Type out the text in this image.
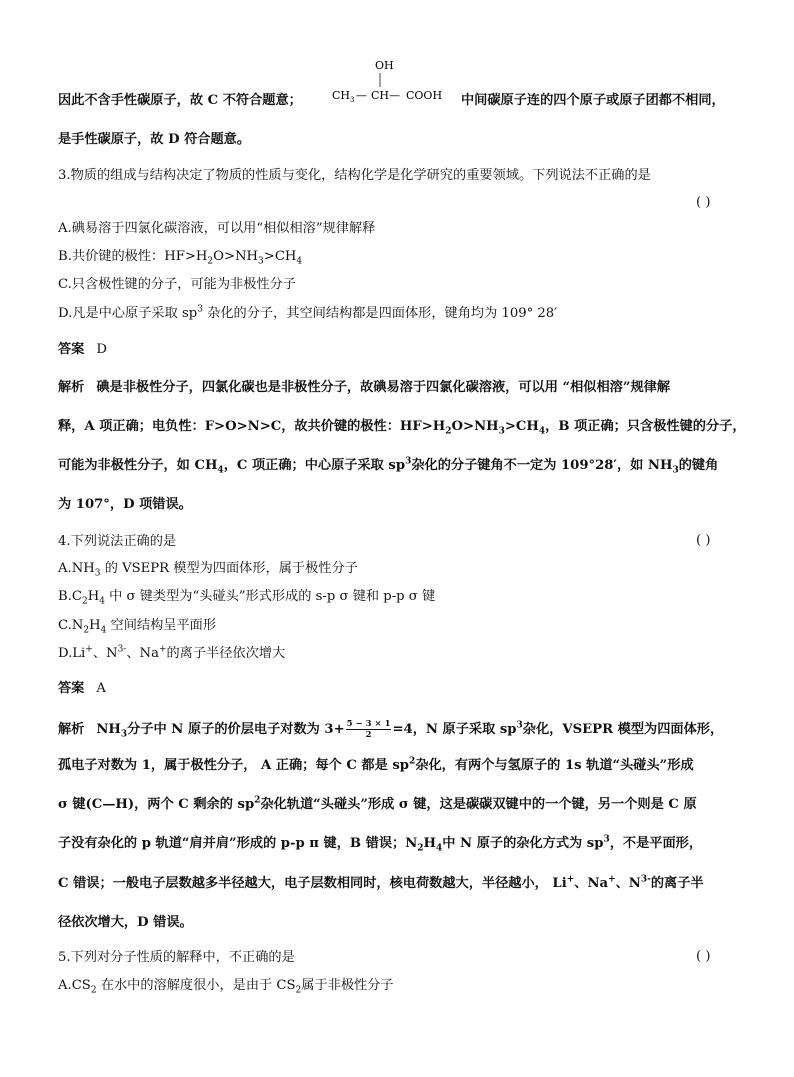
因此不含手性碳原子，故 C 不符合题意；
OH
CH 3 — CH— COOH 中间碳原子连的四个原子或原子团都不相同，
是手性碳原子，故 D 符合题意。
3.物质的组成与结构决定了物质的性质与变化，结构化学是化学研究的重要领域。下列说法不正确的是
( )
A.碘易溶于四氯化碳溶液，可以用“相似相溶”规律解释
B.共价键的极性：$HF>H_2O>NH_3>CH_4$
C.只含极性键的分子，可能为非极性分子
D.凡是中心原子采取 $sp^3$ 杂化的分子，其空间结构都是四面体形，键角均为 109° 28′
答案 D
解析 碘是非极性分子，四氯化碳也是非极性分子，故碘易溶于四氯化碳溶液，可以用 “相似相溶”规律解
释，A 项正确；电负性：F>O>N>C，故共价键的极性：$HF>H_2O>NH_3>CH_4$，B 项正确；只含极性键的分子，
可能为非极性分子，如 $CH_4$，C 项正确；中心原子采取 $sp^3$杂化的分子键角不一定为 109°28′，如 $NH_3$的键角
为 107°，D 项错误。
4.下列说法正确的是	( )
$A.NH_3$ 的 VSEPR 模型为四面体形，属于极性分子
$B.C_2H_4$ 中 σ 键类型为“头碰头”形式形成的 s-p σ 键和 p-p σ 键
$C.N_2H_4$ 空间结构呈平面形
D.Li+、$N^{3-}$、Na+的离子半径依次增大
答案 A
解析 $NH_3$分子中 N 原子的价层电子对数为 $3+ \frac{5 - 3 \times 1}{2} =4$，N 原子采取 $sp^3$杂化，VSEPR 模型为四面体形，
孤电子对数为 1，属于极性分子， A 正确；每个 C 都是 $sp^2$杂化，有两个与氢原子的 1s 轨道“头碰头”形成
σ 键(C—H)，两个 C 剩余的 $sp^2$杂化轨道“头碰头”形成 σ 键，这是碳碳双键中的一个键，另一个则是 C 原
子没有杂化的 p 轨道“肩并肩”形成的 p-p π 键，B 错误；$N_2H_4$中 N 原子的杂化方式为 $sp^3$，不是平面形，
C 错误；一般电子层数越多半径越大，电子层数相同时，核电荷数越大，半径越小， Li+、Na+、$N^{3-}$的离子半
径依次增大，D 错误。
5.下列对分子性质的解释中，不正确的是	( )
$A.CS_2$ 在水中的溶解度很小，是由于 $CS_2$属于非极性分子
